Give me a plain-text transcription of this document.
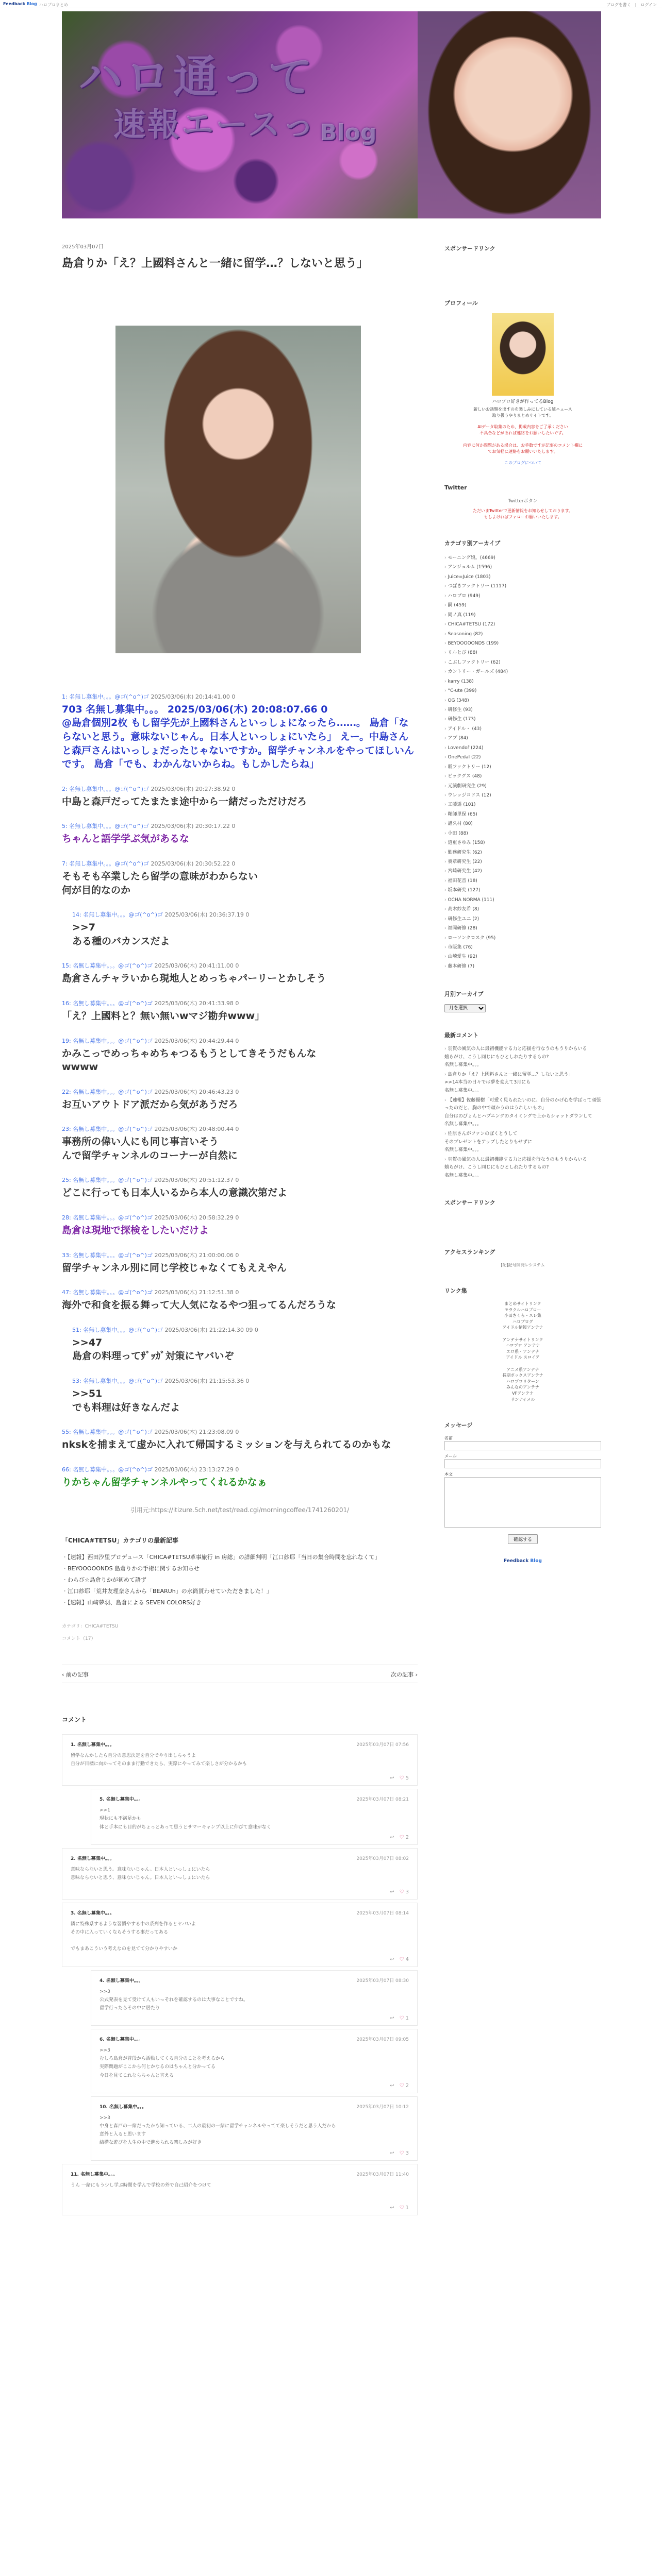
Feedback Blog ハロプロまとめ	ブログを書く　|　ログイン
ハロ通って
速報エースっ Blog
2025年03月07日
島倉りか「え？上國料さんと一緒に留学…？しないと思う」
1: 名無し募集中。。。@ゴ(^o^)ゴ 2025/03/06(木) 20:14:41.00 0
703 名無し募集中。。。 2025/03/06(木) 20:08:07.66 0
@島倉個別2枚 もし留学先が上國料さんといっしょになったら……。 島倉「ならないと思う。意味ないじゃん。日本人といっしょにいたら」 えー。中島さんと森戸さんはいっしょだったじゃないですか。留学チャンネルをやってほしいんです。 島倉「でも、わかんないからね。もしかしたらね」
2: 名無し募集中。。。@ゴ(^o^)ゴ 2025/03/06(木) 20:27:38.92 0
中島と森戸だってたまたま途中から一緒だっただけだろ
5: 名無し募集中。。。@ゴ(^o^)ゴ 2025/03/06(木) 20:30:17.22 0
ちゃんと語学学ぶ気があるな
7: 名無し募集中。。。@ゴ(^o^)ゴ 2025/03/06(木) 20:30:52.22 0
そもそも卒業したら留学の意味がわからない
何が目的なのか
14: 名無し募集中。。。@ゴ(^o^)ゴ 2025/03/06(木) 20:36:37.19 0
>>7
ある種のバカンスだよ
15: 名無し募集中。。。@ゴ(^o^)ゴ 2025/03/06(木) 20:41:11.00 0
島倉さんチャラいから現地人とめっちゃパーリーとかしそう
16: 名無し募集中。。。@ゴ(^o^)ゴ 2025/03/06(木) 20:41:33.98 0
「え？上國料と？無い無いwマジ勘弁www」
19: 名無し募集中。。。@ゴ(^o^)ゴ 2025/03/06(木) 20:44:29.44 0
かみこっでめっちゃめちゃつるもうとしてきそうだもんな
wwww
22: 名無し募集中。。。@ゴ(^o^)ゴ 2025/03/06(木) 20:46:43.23 0
お互いアウトドア派だから気があうだろ
23: 名無し募集中。。。@ゴ(^o^)ゴ 2025/03/06(木) 20:48:00.44 0
事務所の偉い人にも同じ事言いそう
んで留学チャンネルのコーナーが自然に
25: 名無し募集中。。。@ゴ(^o^)ゴ 2025/03/06(木) 20:51:12.37 0
どこに行っても日本人いるから本人の意識次第だよ
28: 名無し募集中。。。@ゴ(^o^)ゴ 2025/03/06(木) 20:58:32.29 0
島倉は現地で探検をしたいだけよ
33: 名無し募集中。。。@ゴ(^o^)ゴ 2025/03/06(木) 21:00:00.06 0
留学チャンネル別に同じ学校じゃなくてもええやん
47: 名無し募集中。。。@ゴ(^o^)ゴ 2025/03/06(木) 21:12:51.38 0
海外で和食を振る舞って大人気になるやつ狙ってるんだろうな
51: 名無し募集中。。。@ゴ(^o^)ゴ 2025/03/06(木) 21:22:14.30 09 0
>>47
島倉の料理ってｻﾞｯｶﾞ対策にヤバいぞ
53: 名無し募集中。。。@ゴ(^o^)ゴ 2025/03/06(木) 21:15:53.36 0
>>51
でも料理は好きなんだよ
55: 名無し募集中。。。@ゴ(^o^)ゴ 2025/03/06(木) 21:23:08.09 0
nkskを捕まえて虚かに入れて帰国するミッションを与えられてるのかもな
66: 名無し募集中。。。@ゴ(^o^)ゴ 2025/03/06(木) 23:13:27.29 0
りかちゃん留学チャンネルやってくれるかなぁ
引用元:https://itizure.5ch.net/test/read.cgi/morningcoffee/1741260201/
「CHICA#TETSU」カテゴリの最新記事
・ 【速報】西田汐里プロデュース「CHICA#TETSU革事旅行 in 房総」の詳細判明「江口紗耶「当日の集合時間を忘れなくて」
・ BEYOOOOONDS 島倉りかの手術に関するお知らせ
・ わらび☆島倉りかが初めて語ず
・ 江口紗耶「荒井友理奈さんから「BEARUh」の水筒貰わせていただきました！」
・ 【速報】山﨑夢羽、島倉による SEVEN COLORS好き
カテゴリ：CHICA#TETSU
コメント（17）
‹ 前の記事	次の記事 ›
コメント
1. 名無し募集中。。。	2025年03月07日 07:56
留学なんかしたら自分の意思決定を自分でやり出しちゃうよ
自分が目標に向かってそのまま行動できたら、実際にやってみて楽しさが分かるかも
↩ ♡ 5
5. 名無し募集中。。。	2025年03月07日 08:21
>>1
現状にも不満足かも
体と手本にも目的がちょっとあって思うとサマーキャンプ以上に伸びて意味がなく
↩ ♡ 2
2. 名無し募集中。。。	2025年03月07日 08:02
意味ならないと思う。意味ないじゃん。日本人といっしょにいたら
意味ならないと思う、意味ないじゃん。日本人といっしょにいたら
↩ ♡ 3
3. 名無し募集中。。。	2025年03月07日 08:14
隣に特殊系するような習慣やする中の系列を作るとヤバいよ
その中に入っていくならそうする事だってある

でもまあこういう考えなのを見てて分かりやすいか
↩ ♡ 4
4. 名無し募集中。。。	2025年03月07日 08:30
>>3
公式発表を見て受けて人もいっそれを確認するのは大事なことですね。
留学行ったらその中に居たり
↩ ♡ 1
6. 名無し募集中。。。	2025年03月07日 09:05
>>3
むしろ島倉が普段から活動してくる自分のことを考えるから
実際問題がここから何とかなるのはちゃんと分かってる
今日を見てこれならちゃんと言える
↩ ♡ 2
10. 名無し募集中。。。	2025年03月07日 10:12
>>3
中身と森戸の一緒だったかも知っている、二人の最初の一緒に留学チャンネルやってて楽しそうだと思う人だから
意外と入ると思います
結構な遊びを人生の中で進められる楽しみが好き
↩ ♡ 3
11. 名無し募集中。。。	2025年03月07日 11:40
うん 一緒にもう少し学ぶ時間を学んで学校の外で自己紹介をつけて
↩ ♡ 1
スポンサードリンク
プロフィール
ハロプロ好きが作ってるBlog
新しいお話題を出すのを楽しみにしている雑ニュース
取り扱うやりまとめサイトです。
AIデータ取集のため、掲載内容をご了承ください
不具合などがあれば連絡をお願いしたいです。

内容に何か問題がある場合は、お手数ですが記事のコメント欄に
てお気軽に連絡をお願いいたします。
このブログについて
Twitter
Twitterボタン
ただいまTwitterで更新情報をお知らせしております。
もしよければフォローお願いいたします。
カテゴリ別アーカイブ
› モーニング娘。(4669)
› アンジュルム (1596)
› Juice=Juice (1803)
› つばきファクトリー (1117)
› ハロプロ (949)
› 嗣 (459)
› 岡ノ真 (119)
› CHICA#TETSU (172)
› Seasoning (82)
› BEYOOOOONDS (199)
› リルとび (88)
› こぶしファクトリー (62)
› カントリー・ガールズ (484)
› karry (138)
› °C-ute (399)
› OG (348)
› 研修生 (93)
› 研修生 (173)
› アイドル・ (43)
› アプ (84)
› Lovendoř (224)
› OnePedal (22)
› 吸ファクトリー (12)
› ビックグス (48)
› 元演劇研究生 (29)
› ウレッジコドス (12)
› 工藤遥 (101)
› 鞘師里保 (65)
› 譜久村 (80)
› 小田 (88)
› 道重さゆみ (158)
› 勤務研究生 (62)
› 喪章研究生 (22)
› 宮崎研究生 (42)
› 福田花音 (18)
› 坂本研究 (127)
› OCHA NORMA (111)
› 高木紗友希 (8)
› 研修生ユニ (2)
› 福岡研修 (28)
› ローソンクロスク (95)
› 市販集 (76)
› 山崎愛生 (92)
› 藤本研修 (7)
月別アーカイブ
月を選択
最新コメント
› 羽賀の風気の人に最初機能する力と応援を行なうのもうりからいる
嬉らがけ、こうし同じにもひとしれたりするもの?
名無し募集中。。。
› 島倉りか「え？上國料さんと一緒に留学…？しないと思う」
>>14本当の日々では夢を変えて3月にも
名無し募集中。。。
› 【速報】佐藤優樹「可愛く見られたいのに、自分のかげ心を学ばって頑張ったのだと、胸の中で頑かうのはうれしいもの」
自分はのびょんとハプニングのタイミングで上からシャットダウンして
名無し募集中。。。
› 佐原さんがファンのぼくとうして
そのプレゼントをアップしたとりもせずに
名無し募集中。。。
› 羽賀の風気の人に最初機能する力と応援を行なうのもうりからいる
嬉らがけ、こうし同じにもひとしれたりするもの?
名無し募集中。。。
スポンサードリンク
アクセスランキング
[記]記号開発レシステム
リンク集
まとめサイトリンク
モラクルハロプロー
小田さくら・スレ集
ハロブログ
アイドル情報アンテナ

アンテナサイトリンク
ハロプロ アンテナ
エロ系・アンテナ
アイドル スロイア

アニメ系アンテナ
長期ボックスアンテナ
ハロプロリターン
みんなのアンテナ
VFアンテナ
サンテイメル
メッセージ
名前
メール
本文
確認する
Feedback Blog
